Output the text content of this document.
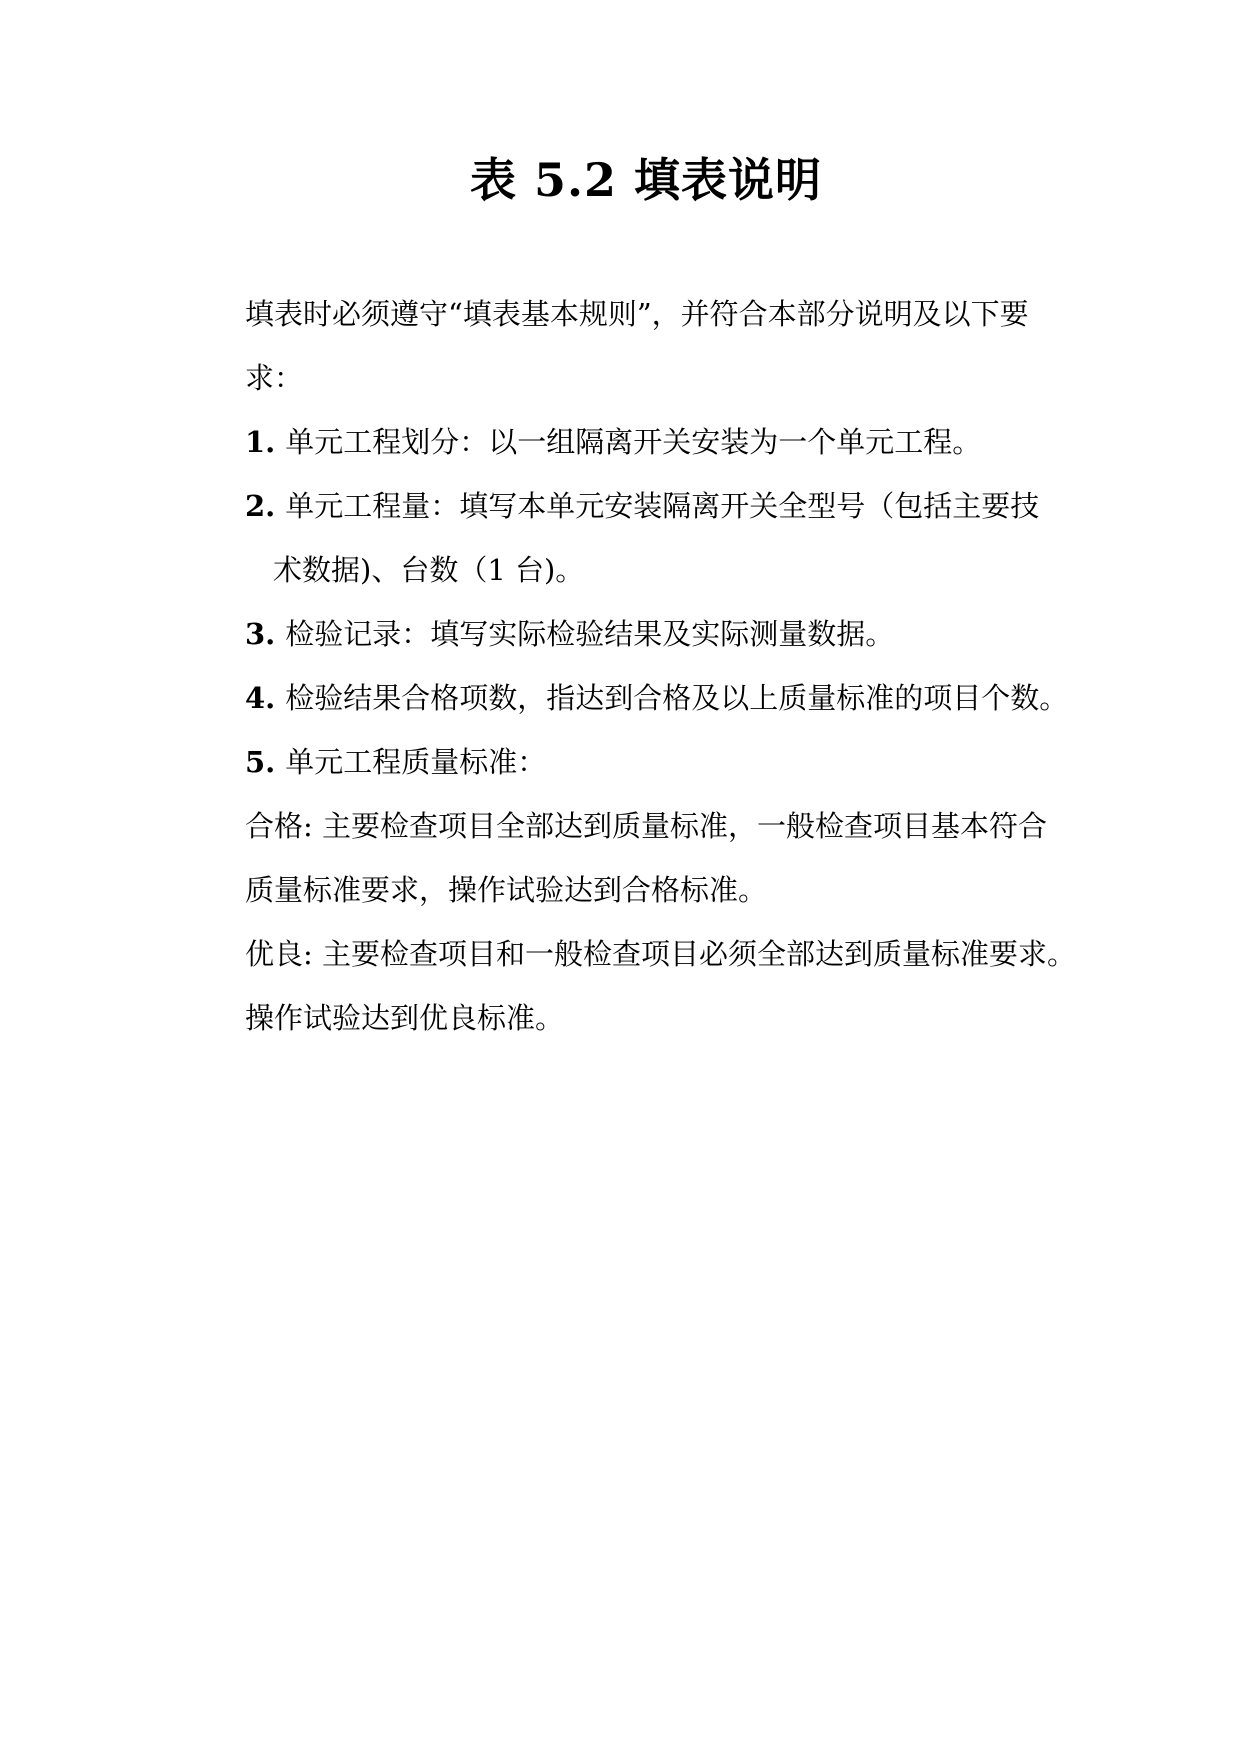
表 5.2 填表说明
填表时必须遵守“填表基本规则”，并符合本部分说明及以下要
求：
1. 单元工程划分：以一组隔离开关安装为一个单元工程。
2. 单元工程量：填写本单元安装隔离开关全型号（包括主要技
术数据)、台数（1 台)。
3. 检验记录：填写实际检验结果及实际测量数据。
4. 检验结果合格项数，指达到合格及以上质量标准的项目个数。
5. 单元工程质量标准：
合格: 主要检查项目全部达到质量标准，一般检查项目基本符合
质量标准要求，操作试验达到合格标准。
优良: 主要检查项目和一般检查项目必须全部达到质量标准要求。
操作试验达到优良标准。
